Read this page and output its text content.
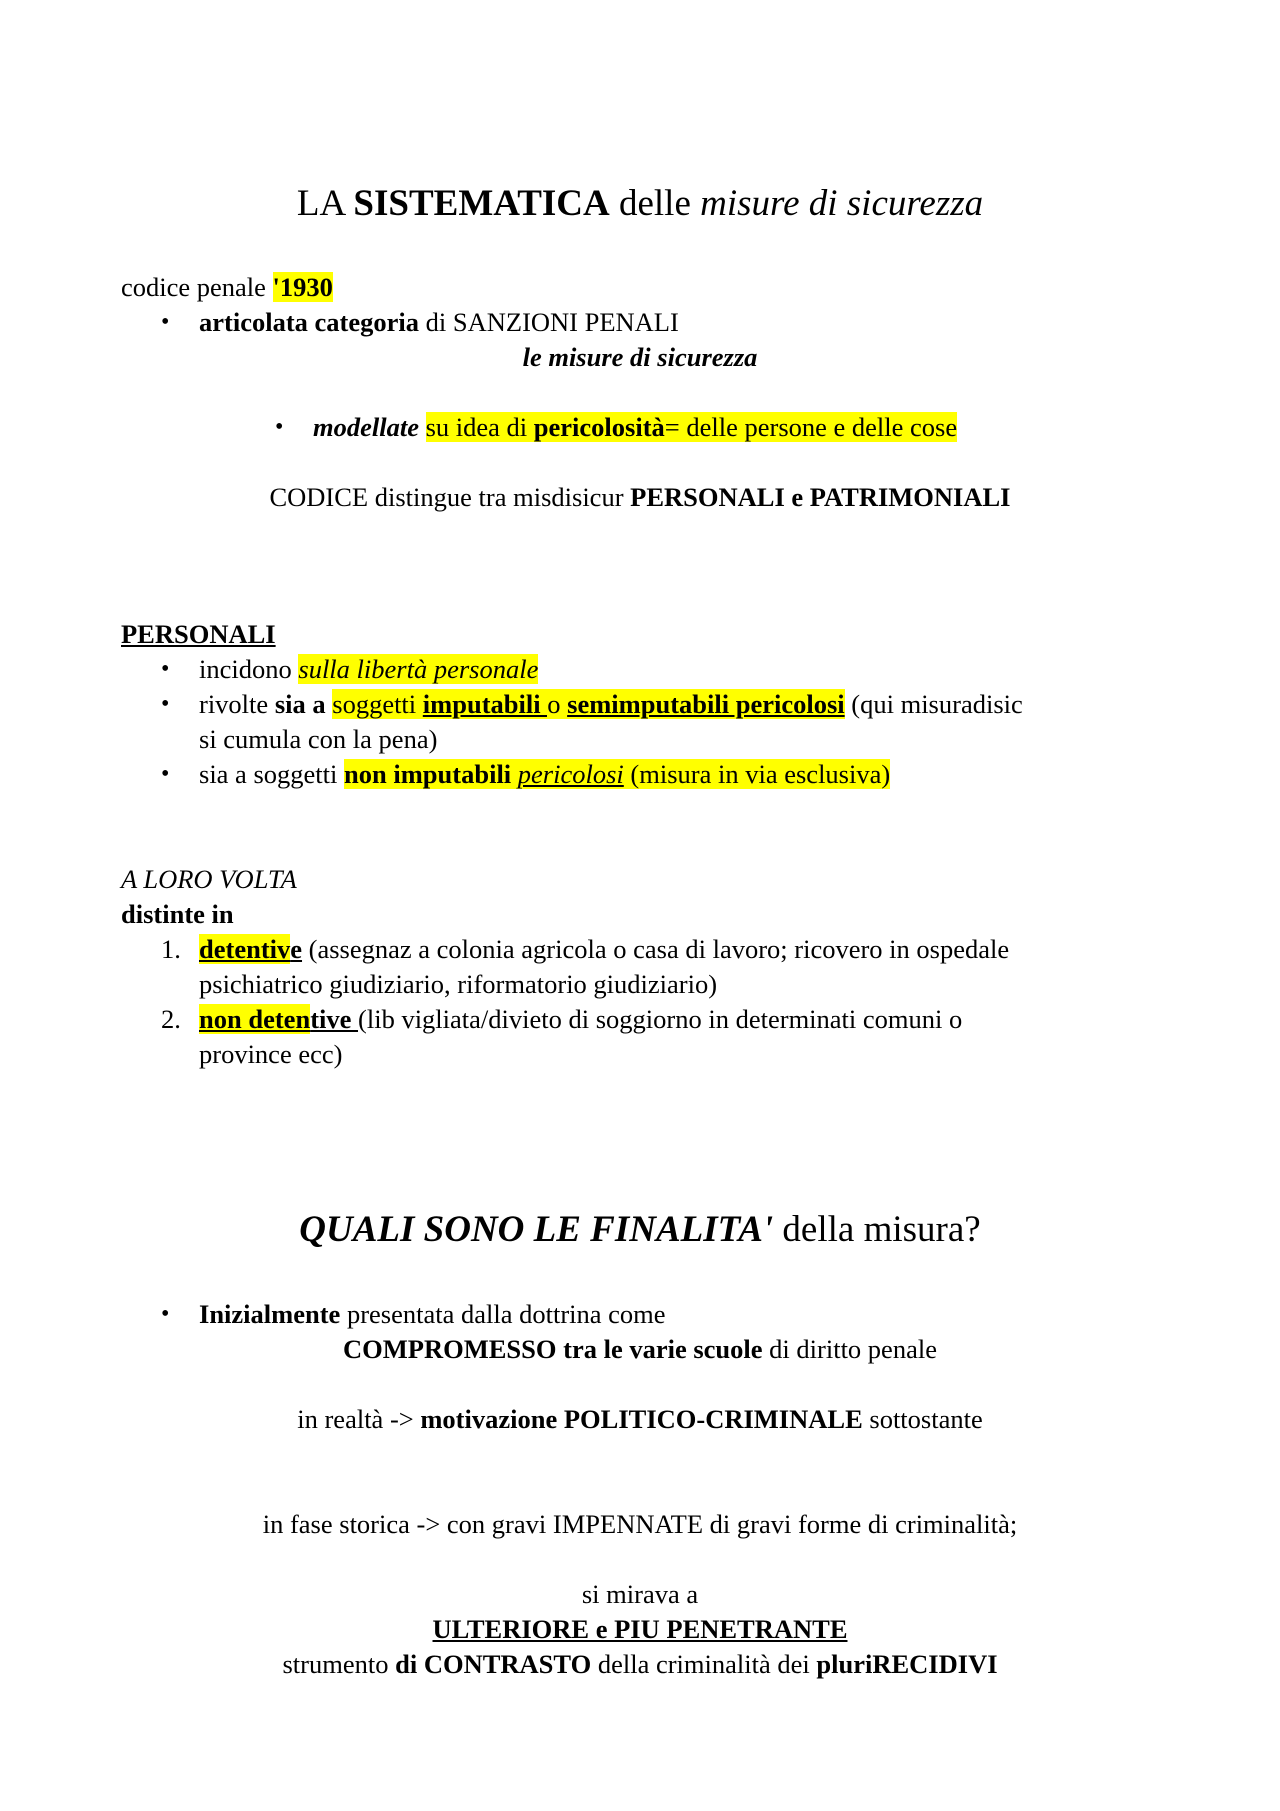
LA SISTEMATICA delle misure di sicurezza
codice penale '1930
• articolata categoria di SANZIONI PENALI
le misure di sicurezza
• modellate su idea di pericolosità= delle persone e delle cose
CODICE distingue tra misdisicur PERSONALI e PATRIMONIALI
PERSONALI
• incidono sulla libertà personale
• rivolte sia a soggetti imputabili o semimputabili pericolosi (qui misuradisic
si cumula con la pena)
• sia a soggetti non imputabili pericolosi (misura in via esclusiva)
A LORO VOLTA
distinte in
1. detentive (assegnaz a colonia agricola o casa di lavoro; ricovero in ospedale
psichiatrico giudiziario, riformatorio giudiziario)
2. non detentive (lib vigliata/divieto di soggiorno in determinati comuni o
province ecc)
QUALI SONO LE FINALITA' della misura?
• Inizialmente presentata dalla dottrina come
COMPROMESSO tra le varie scuole di diritto penale
in realtà -> motivazione POLITICO-CRIMINALE sottostante
in fase storica -> con gravi IMPENNATE di gravi forme di criminalità;
si mirava a
ULTERIORE e PIU PENETRANTE
strumento di CONTRASTO della criminalità dei pluriRECIDIVI
